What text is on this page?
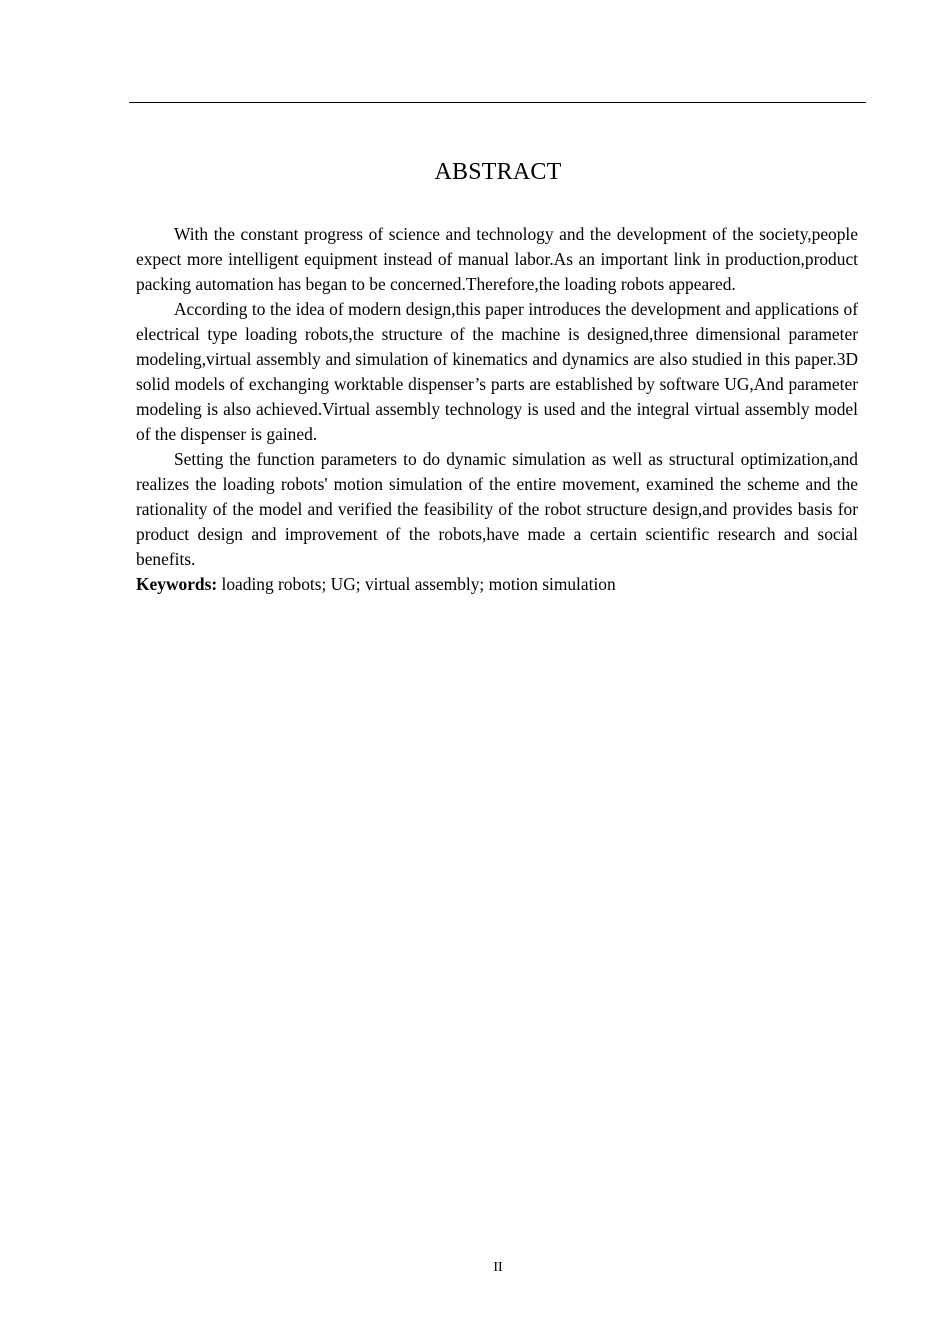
ABSTRACT

With the constant progress of science and technology and the development of the society,people expect more intelligent equipment instead of manual labor.As an important link in production,product packing automation has began to be concerned.Therefore,the loading robots appeared.

According to the idea of modern design,this paper introduces the development and applications of electrical type loading robots,the structure of the machine is designed,three dimensional parameter modeling,virtual assembly and simulation of kinematics and dynamics are also studied in this paper.3D solid models of exchanging worktable dispenser’s parts are established by software UG,And parameter modeling is also achieved.Virtual assembly technology is used and the integral virtual assembly model of the dispenser is gained.

Setting the function parameters to do dynamic simulation as well as structural optimization,and realizes the loading robots' motion simulation of the entire movement, examined the scheme and the rationality of the model and verified the feasibility of the robot structure design,and provides basis for product design and improvement of the robots,have made a certain scientific research and social benefits.

Keywords: loading robots; UG; virtual assembly; motion simulation

II
